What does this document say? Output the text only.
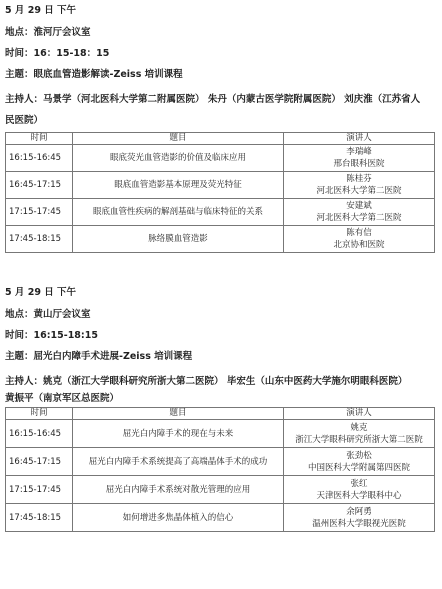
5 月 29 日 下午
地点：淮河厅会议室
时间：16：15-18：15
主题：眼底血管造影解读-Zeiss 培训课程
主持人：马景学（河北医科大学第二附属医院） 朱丹（内蒙古医学院附属医院） 刘庆淮（江苏省人民医院）
时间	题目	演讲人
16:15-16:45	眼底荧光血管造影的价值及临床应用	李瑞峰
邢台眼科医院

16:45-17:15	眼底血管造影基本原理及荧光特征	陈桂芬
河北医科大学第二医院

17:15-17:45	眼底血管性疾病的解剖基础与临床特征的关系	安建斌
河北医科大学第二医院

17:45-18:15	脉络膜血管造影	陈有信
北京协和医院
5 月 29 日 下午
地点：黄山厅会议室
时间：16:15-18:15
主题：屈光白内障手术进展-Zeiss 培训课程
主持人：姚克（浙江大学眼科研究所浙大第二医院） 毕宏生（山东中医药大学施尔明眼科医院）
黄振平（南京军区总医院）
时间	题目	演讲人
16:15-16:45	屈光白内障手术的现在与未来	姚克
浙江大学眼科研究所浙大第二医院

16:45-17:15	屈光白内障手术系统提高了高端晶体手术的成功	张劲松
中国医科大学附属第四医院

17:15-17:45	屈光白内障手术系统对散光管理的应用	张红
天津医科大学眼科中心

17:45-18:15	如何增进多焦晶体植入的信心	余阿勇
温州医科大学眼视光医院
